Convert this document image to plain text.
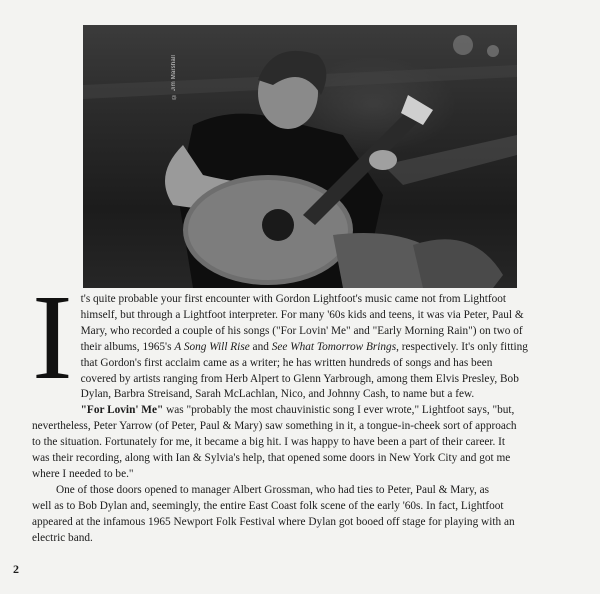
© Jim Marshall
I t's quite probable your first encounter with Gordon Lightfoot's music came not from Lightfoot
himself, but through a Lightfoot interpreter. For many '60s kids and teens, it was via Peter, Paul &
Mary, who recorded a couple of his songs ("For Lovin' Me" and "Early Morning Rain") on two of
their albums, 1965's A Song Will Rise and See What Tomorrow Brings, respectively. It's only fitting
that Gordon's first acclaim came as a writer; he has written hundreds of songs and has been
covered by artists ranging from Herb Alpert to Glenn Yarbrough, among them Elvis Presley, Bob
Dylan, Barbra Streisand, Sarah McLachlan, Nico, and Johnny Cash, to name but a few.
"For Lovin' Me" was "probably the most chauvinistic song I ever wrote," Lightfoot says, "but,
nevertheless, Peter Yarrow (of Peter, Paul & Mary) saw something in it, a tongue-in-cheek sort of approach
to the situation. Fortunately for me, it became a big hit. I was happy to have been a part of their career. It
was their recording, along with Ian & Sylvia's help, that opened some doors in New York City and got me
where I needed to be."
One of those doors opened to manager Albert Grossman, who had ties to Peter, Paul & Mary, as
well as to Bob Dylan and, seemingly, the entire East Coast folk scene of the early '60s. In fact, Lightfoot
appeared at the infamous 1965 Newport Folk Festival where Dylan got booed off stage for playing with an
electric band.
2
